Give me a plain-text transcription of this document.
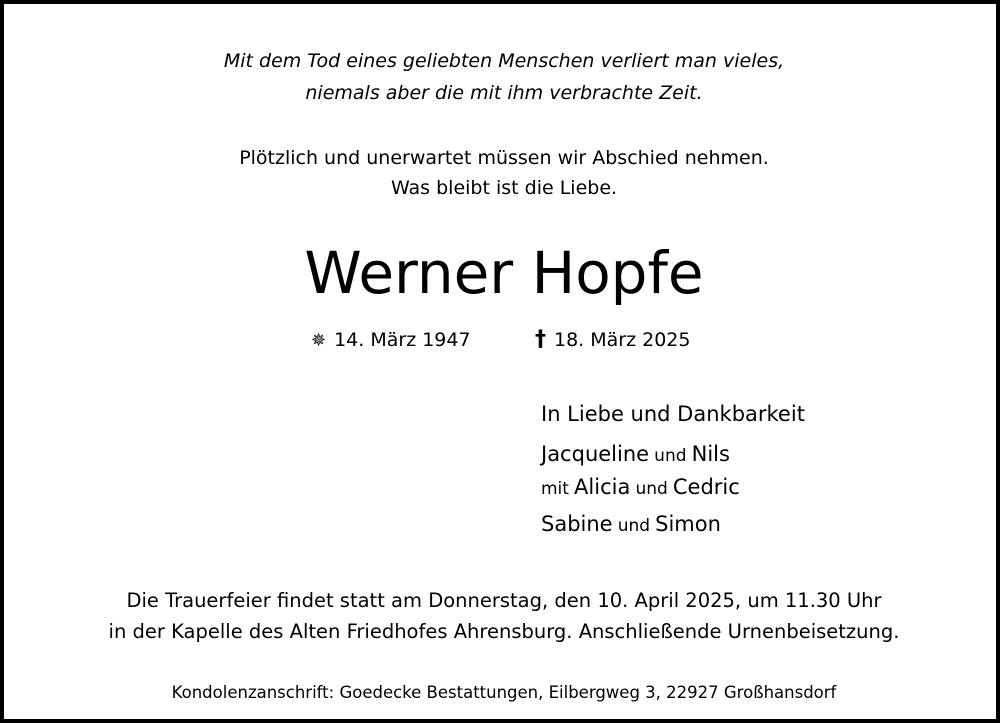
Mit dem Tod eines geliebten Menschen verliert man vieles,
niemals aber die mit ihm verbrachte Zeit.
Plötzlich und unerwartet müssen wir Abschied nehmen.
Was bleibt ist die Liebe.
Werner Hopfe
✵ 14. März 1947	† 18. März 2025
In Liebe und Dankbarkeit
Jacqueline und Nils
mit Alicia und Cedric
Sabine und Simon
Die Trauerfeier findet statt am Donnerstag, den 10. April 2025, um 11.30 Uhr
in der Kapelle des Alten Friedhofes Ahrensburg. Anschließende Urnenbeisetzung.
Kondolenzanschrift: Goedecke Bestattungen, Eilbergweg 3, 22927 Großhansdorf
